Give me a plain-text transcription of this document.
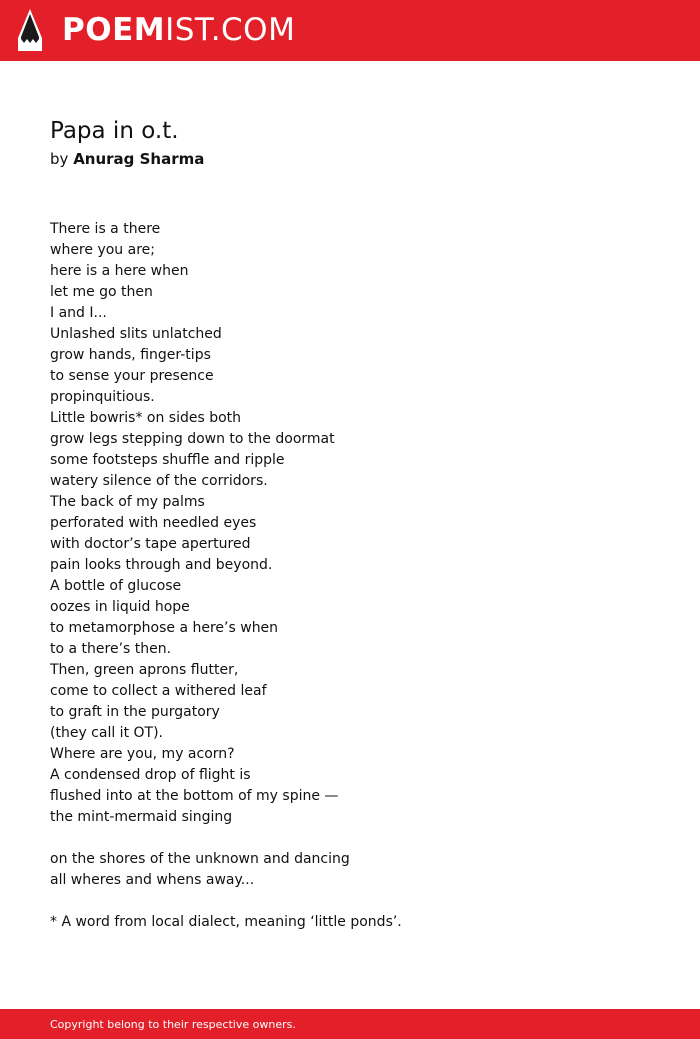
POEMIST.COM
Papa in o.t.
by Anurag Sharma
There is a there
where you are;
here is a here when
let me go then
I and I...
Unlashed slits unlatched
grow hands, finger-tips
to sense your presence
propinquitious.
Little bowris* on sides both
grow legs stepping down to the doormat
some footsteps shuffle and ripple
watery silence of the corridors.
The back of my palms
perforated with needled eyes
with doctor’s tape apertured
pain looks through and beyond.
A bottle of glucose
oozes in liquid hope
to metamorphose a here’s when
to a there’s then.
Then, green aprons flutter,
come to collect a withered leaf
to graft in the purgatory
(they call it OT).
Where are you, my acorn?
A condensed drop of flight is
flushed into at the bottom of my spine —
the mint-mermaid singing
on the shores of the unknown and dancing
all wheres and whens away...
* A word from local dialect, meaning ‘little ponds’.
Copyright belong to their respective owners.
